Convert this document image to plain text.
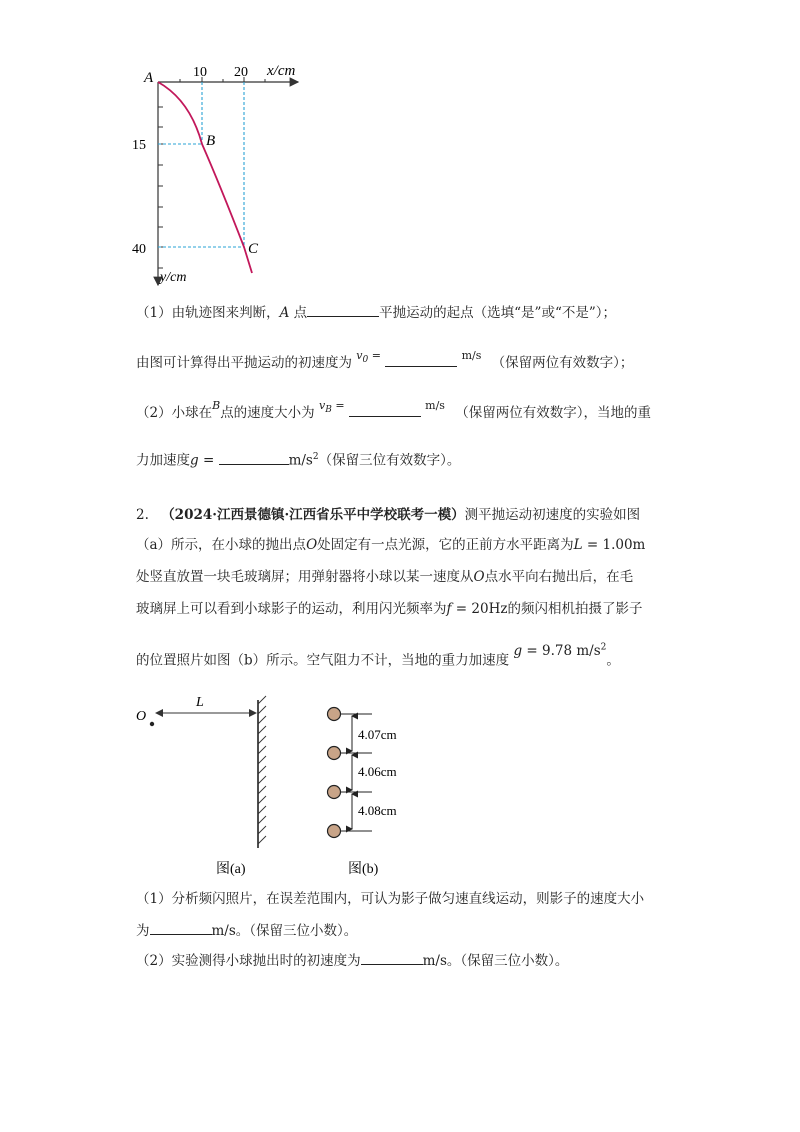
A
B
C
10 20 x/cm
15
40
y/cm
（1）由轨迹图来判断，A 点	平抛运动的起点（选填“是”或“不是”）；
由图可计算得出平抛运动的初速度为 $^{v_0 =}$	$^{m/s}$ （保留两位有效数字）；
（2）小球在$^B$点的速度大小为 $^{v_B =}$	$^{m/s}$ （保留两位有效数字），当地的重
力加速度g =	$m/s^2$（保留三位有效数字）。
2. （2024·江西景德镇·江西省乐平中学校联考一模）测平抛运动初速度的实验如图
（a）所示，在小球的抛出点O处固定有一点光源，它的正前方水平距离为L = 1.00m
处竖直放置一块毛玻璃屏；用弹射器将小球以某一速度从O点水平向右抛出后，在毛
玻璃屏上可以看到小球影子的运动，利用闪光频率为f = 20Hz的频闪相机拍摄了影子
的位置照片如图（b）所示。空气阻力不计，当地的重力加速度 g = 9.78 $m/s^2$。
O
L
图(a)
4.07cm
4.06cm
4.08cm
图(b)
（1）分析频闪照片，在误差范围内，可认为影子做匀速直线运动，则影子的速度大小
为	m/s。（保留三位小数）。
（2）实验测得小球抛出时的初速度为	m/s。（保留三位小数）。
